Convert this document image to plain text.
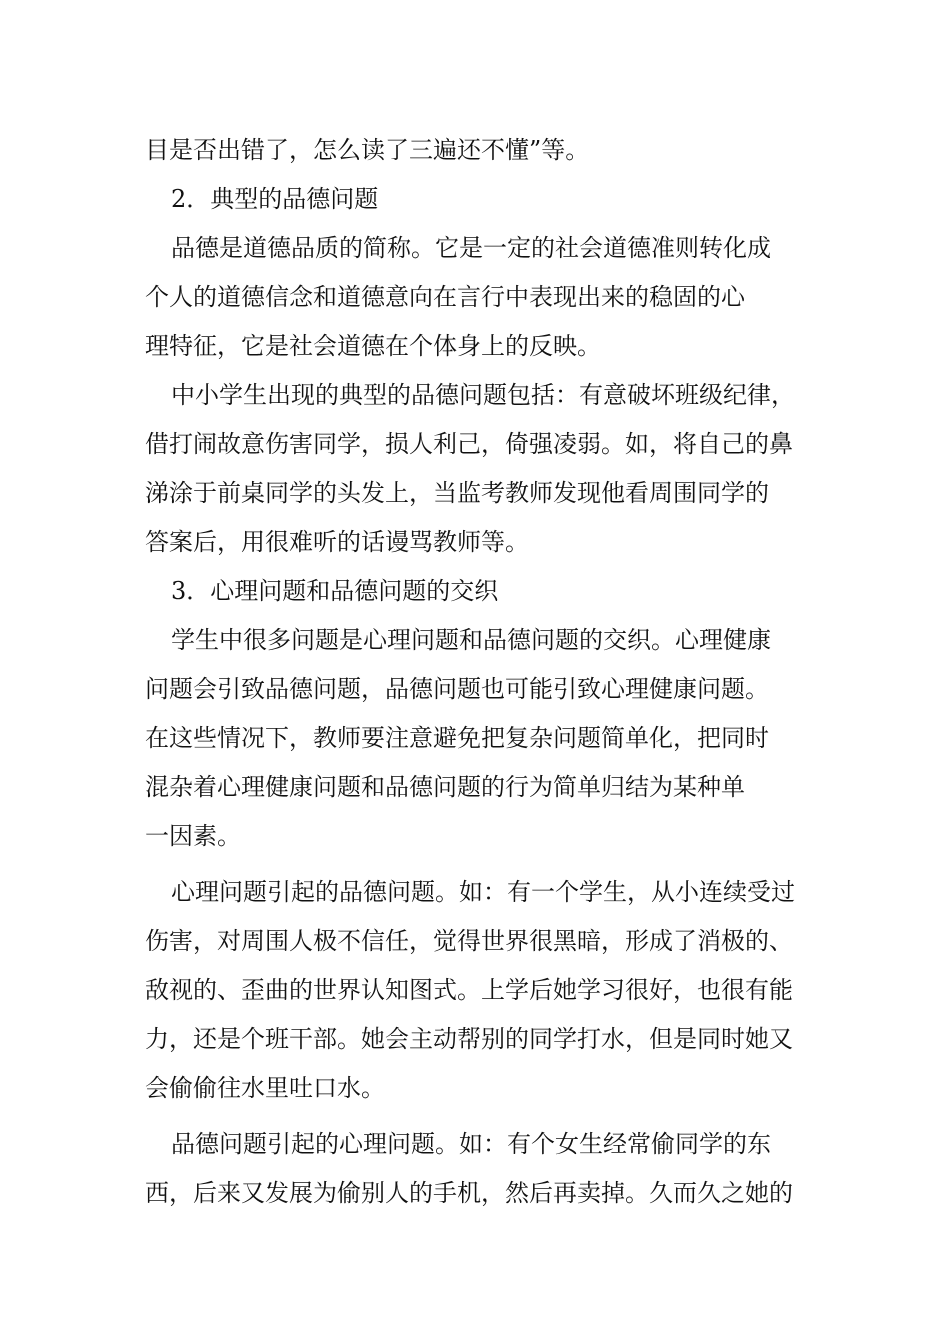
目是否出错了，怎么读了三遍还不懂”等。
2．典型的品德问题
品德是道德品质的简称。它是一定的社会道德准则转化成
个人的道德信念和道德意向在言行中表现出来的稳固的心
理特征，它是社会道德在个体身上的反映。
中小学生出现的典型的品德问题包括：有意破坏班级纪律，
借打闹故意伤害同学，损人利己，倚强凌弱。如，将自己的鼻
涕涂于前桌同学的头发上，当监考教师发现他看周围同学的
答案后，用很难听的话谩骂教师等。
3．心理问题和品德问题的交织
学生中很多问题是心理问题和品德问题的交织。心理健康
问题会引致品德问题，品德问题也可能引致心理健康问题。
在这些情况下，教师要注意避免把复杂问题简单化，把同时
混杂着心理健康问题和品德问题的行为简单归结为某种单
一因素。
心理问题引起的品德问题。如：有一个学生，从小连续受过
伤害，对周围人极不信任，觉得世界很黑暗，形成了消极的、
敌视的、歪曲的世界认知图式。上学后她学习很好，也很有能
力，还是个班干部。她会主动帮别的同学打水，但是同时她又
会偷偷往水里吐口水。
品德问题引起的心理问题。如：有个女生经常偷同学的东
西，后来又发展为偷别人的手机，然后再卖掉。久而久之她的
